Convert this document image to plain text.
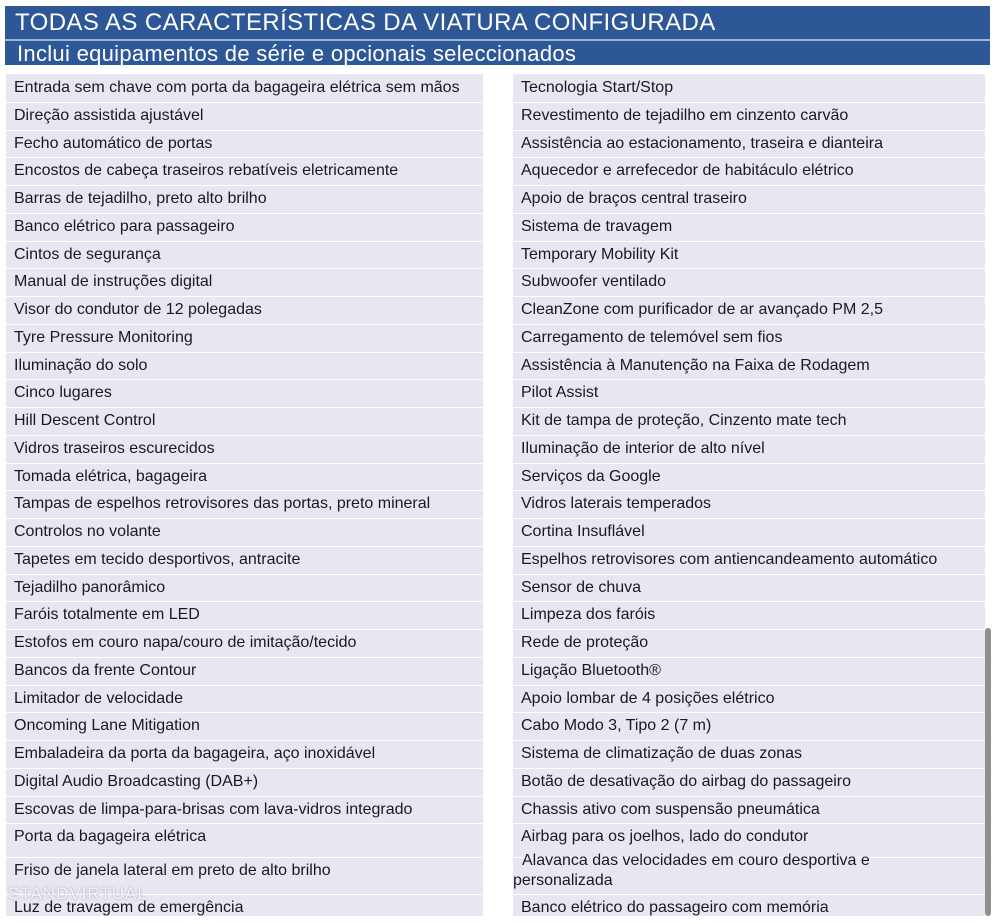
TODAS AS CARACTERÍSTICAS DA VIATURA CONFIGURADA
Inclui equipamentos de série e opcionais seleccionados
Entrada sem chave com porta da bagageira elétrica sem mãos
Direção assistida ajustável
Fecho automático de portas
Encostos de cabeça traseiros rebatíveis eletricamente
Barras de tejadilho, preto alto brilho
Banco elétrico para passageiro
Cintos de segurança
Manual de instruções digital
Visor do condutor de 12 polegadas
Tyre Pressure Monitoring
Iluminação do solo
Cinco lugares
Hill Descent Control
Vidros traseiros escurecidos
Tomada elétrica, bagageira
Tampas de espelhos retrovisores das portas, preto mineral
Controlos no volante
Tapetes em tecido desportivos, antracite
Tejadilho panorâmico
Faróis totalmente em LED
Estofos em couro napa/couro de imitação/tecido
Bancos da frente Contour
Limitador de velocidade
Oncoming Lane Mitigation
Embaladeira da porta da bagageira, aço inoxidável
Digital Audio Broadcasting (DAB+)
Escovas de limpa-para-brisas com lava-vidros integrado
Porta da bagageira elétrica
Friso de janela lateral em preto de alto brilho
Luz de travagem de emergência
Tecnologia Start/Stop
Revestimento de tejadilho em cinzento carvão
Assistência ao estacionamento, traseira e dianteira
Aquecedor e arrefecedor de habitáculo elétrico
Apoio de braços central traseiro
Sistema de travagem
Temporary Mobility Kit
Subwoofer ventilado
CleanZone com purificador de ar avançado PM 2,5
Carregamento de telemóvel sem fios
Assistência à Manutenção na Faixa de Rodagem
Pilot Assist
Kit de tampa de proteção, Cinzento mate tech
Iluminação de interior de alto nível
Serviços da Google
Vidros laterais temperados
Cortina Insuflável
Espelhos retrovisores com antiencandeamento automático
Sensor de chuva
Limpeza dos faróis
Rede de proteção
Ligação Bluetooth®
Apoio lombar de 4 posições elétrico
Cabo Modo 3, Tipo 2 (7 m)
Sistema de climatização de duas zonas
Botão de desativação do airbag do passageiro
Chassis ativo com suspensão pneumática
Airbag para os joelhos, lado do condutor
Alavanca das velocidades em couro desportiva e personalizada
Banco elétrico do passageiro com memória
STANDVIRTUAL
